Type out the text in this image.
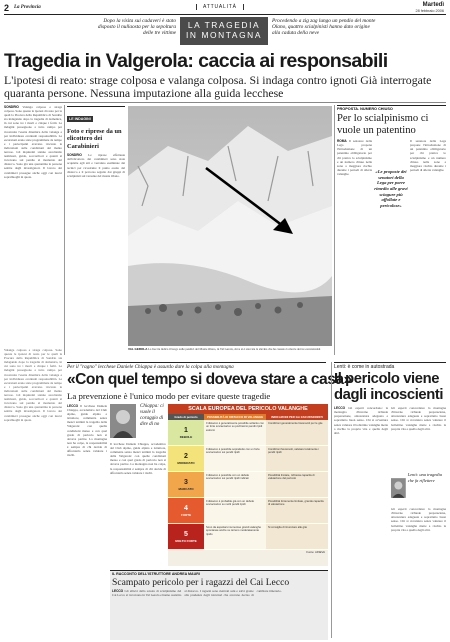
2 La Provincia	ATTUALITÀ	Martedì
28 febbraio 2006
Dopo la visita sui cadaveri è stato disposto il nullaosta per la sepoltura delle tre vittime
LA TRAGEDIA
IN MONTAGNA
Procedendo a zig zag lungo un pendio del monte Olano, quattro scialpinisti hanno dato origine alla caduta della neve
Tragedia in Valgerola: caccia ai responsabili
L'ipotesi di reato: strage colposa e valanga colposa. Si indaga contro ignoti Già interrogate quaranta persone. Nessuna imputazione alla guida lecchese
SONDRIO Valanga colposa e strage colposa. Sono queste le ipotesi di reato per le quali la Procura della Repubblica di Sondrio sta indagando dopo la tragedia di domenica, in cui sono tre i morti e cinque i feriti. Le indagini proseguono a tutto campo per ricostruire l'esatta dinamica della valanga e per individuare eventuali responsabilità. Le escursioni erano state programmate da tempo e i partecipanti avevano ricevuto le indicazioni sulle condizioni del manto nevoso. Gli inquirenti stanno ascoltando testimoni, guide, soccorritori e quanti si trovavano sul pendio al momento del distacco. Sono già una quarantina le persone sentite dagli investigatori. Il lavoro dei carabinieri prosegue anche oggi con nuovi sopralluoghi in quota.
Valanga colposa e strage colposa. Sono queste le ipotesi di reato per le quali la Procura della Repubblica di Sondrio sta indagando dopo la tragedia di domenica, in cui sono tre i morti e cinque i feriti. Le indagini proseguono a tutto campo per ricostruire l'esatta dinamica della valanga e per individuare eventuali responsabilità. Le escursioni erano state programmate da tempo e i partecipanti avevano ricevuto le indicazioni sulle condizioni del manto nevoso. Gli inquirenti stanno ascoltando testimoni, guide, soccorritori e quanti si trovavano sul pendio al momento del distacco. Sono già una quarantina le persone sentite dagli investigatori. Il lavoro dei carabinieri prosegue anche oggi con nuovi sopralluoghi in quota.
LE INDAGINI
Foto e riprese da un elicottero dei Carabinieri
SONDRIO Le riprese effettuate dall'elicottero dei carabinieri sono state acquisite agli atti e verranno esaminate dai tecnici per ricostruire il punto esatto del distacco e il percorso seguito dai gruppi di scialpinisti sul versante del monte Olano.
VAL GEROLA La freccia indica il luogo sulle pendici del Monte Olano, in Val Gerola, dove si è staccata la slavina che ha causato la morte dei tre escursionisti
PROPOSTA. NUMERO CHIUSO
Per lo scialpinismo ci vuole un patentino
ROMA Il senatore della Lega propone l'introduzione di un patentino obbligatorio per chi pratica lo scialpinismo e un numero chiuso nelle zone a maggiore rischio durante i periodi di allerta valanghe.	«Le proposte dei senatori della Lega per porre rimedio alle gravi sciagure più affollate e pericolose»
Il senatore della Lega propone l'introduzione di un patentino obbligatorio per chi pratica lo scialpinismo e un numero chiuso nelle zone a maggiore rischio durante i periodi di allerta valanghe.
Per il "ragno" lecchese Daniele Chiappa è assurdo dare la colpa alla montagna
«Con quel tempo si doveva stare a casa»
La prevenzione è l'unico modo per evitare queste tragedie
LECCO Il lecchese Daniele Chiappa, accademico del Club alpino, guida alpina e istruttore, commenta senza mezzi termini la tragedia della Valgerola: con quelle condizioni meteo e con quel grado di pericolo non si doveva partire. La montagna non ha colpe, la responsabilità è sempre di chi decide di affrontarla senza valutare i rischi.
Chiappa: ci vuole il coraggio di dire di no
SCALA EUROPEA DEL PERICOLO VALANGHE
Grado di pericolo	POSSIBILITÀ DI DISTACCO DI VALANGHE	INDICAZIONI PER GLI ESCURSIONISTI
1
DEBOLE
Il distacco è generalmente possibile soltanto con un forte sovraccarico su pochissimi pendii ripidi estremi
Condizioni generalmente favorevoli per le gite
2
MODERATO
Il distacco è possibile soprattutto con un forte sovraccarico sui pendii ripidi
Condizioni favorevoli, valutare localmente i pendii ripidi
3
MARCATO
Il distacco è possibile con un debole sovraccarico sui pendii ripidi indicati
Possibilità limitate, richiesta capacità di valutazione del pericolo
4
FORTE
Il distacco è probabile già con un debole sovraccarico su molti pendii ripidi
Possibilità fortemente limitate, grande capacità di valutazione
5
MOLTO FORTE
Sono da aspettarsi numerose grandi valanghe spontanee anche su terreno moderatamente ripido
Si consiglia di rinunciare alle gite
Fonte: AINEVA
Il lecchese Daniele Chiappa, accademico del Club alpino, guida alpina e istruttore, commenta senza mezzi termini la tragedia della Valgerola: con quelle condizioni meteo e con quel grado di pericolo non si doveva partire. La montagna non ha colpe, la responsabilità è sempre di chi decide di affrontarla senza valutare i rischi.
IL RACCONTO DELL'ISTRUTTORE ANDREA MAURI
Scampato pericolo per i ragazzi del Cai Lecco
LECCO Gli allievi della scuola di scialpinismo del Cai Lecco si trovavano in Val Gerola e hanno assistito al distacco. I ragazzi sono rientrati sani e salvi grazie alla prudenza degli istruttori che avevano deciso di cambiare itinerario.
Lenti: è come in autostrada
Il pericolo viene dagli incoscienti
LECCO Gli esperti concordano: la montagna d'inverno richiede preparazione, attrezzatura adeguata e soprattutto buon senso. Chi si avventura senza valutare il bollettino valanghe mette a rischio la propria vita e quella degli altri.
Gli esperti concordano: la montagna d'inverno richiede preparazione, attrezzatura adeguata e soprattutto buon senso. Chi si avventura senza valutare il bollettino valanghe mette a rischio la propria vita e quella degli altri.
Lenti: una tragedia che fa riflettere
Gli esperti concordano: la montagna d'inverno richiede preparazione, attrezzatura adeguata e soprattutto buon senso. Chi si avventura senza valutare il bollettino valanghe mette a rischio la propria vita e quella degli altri.
